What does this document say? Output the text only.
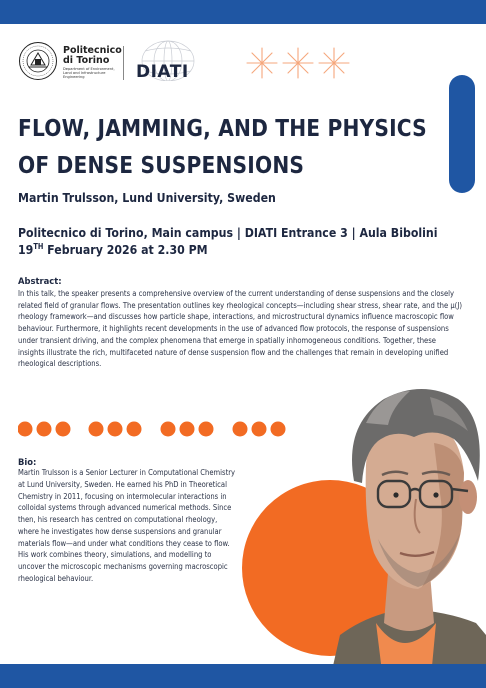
Politecnico
di Torino
Department of Environment,
Land and Infrastructure
Engineering	DIATI
FLOW, JAMMING, AND THE PHYSICS
OF DENSE SUSPENSIONS
Martin Trulsson, Lund University, Sweden
Politecnico di Torino, Main campus | DIATI Entrance 3 | Aula Bibolini
19TH February 2026 at 2.30 PM
Abstract:

In this talk, the speaker presents a comprehensive overview of the current understanding of dense suspensions and the closely related field of granular flows. The presentation outlines key rheological concepts—including shear stress, shear rate, and the μ(J) rheology framework—and discusses how particle shape, interactions, and microstructural dynamics influence macroscopic flow behaviour. Furthermore, it highlights recent developments in the use of advanced flow protocols, the response of suspensions under transient driving, and the complex phenomena that emerge in spatially inhomogeneous conditions. Together, these insights illustrate the rich, multifaceted nature of dense suspension flow and the challenges that remain in developing unified rheological descriptions.

Bio:

Martin Trulsson is a Senior Lecturer in Computational Chemistry at Lund University, Sweden. He earned his PhD in Theoretical Chemistry in 2011, focusing on intermolecular interactions in colloidal systems through advanced numerical methods. Since then, his research has centred on computational rheology, where he investigates how dense suspensions and granular materials flow—and under what conditions they cease to flow. His work combines theory, simulations, and modelling to uncover the microscopic mechanisms governing macroscopic rheological behaviour.
